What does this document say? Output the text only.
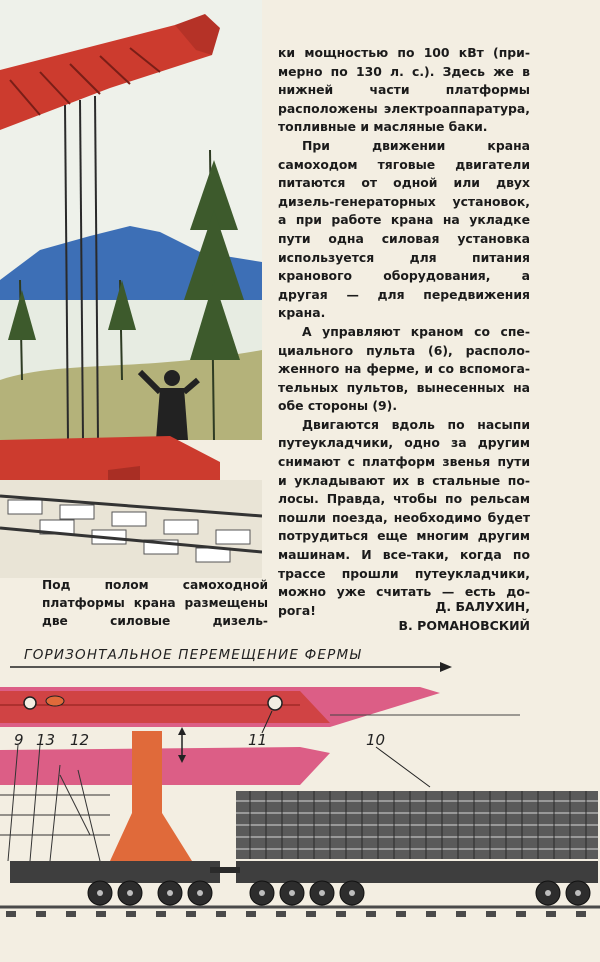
ки мощностью по 100 кВт (примерно по 130 л. с.). Здесь же в нижней части платформы расположены электроаппаратура, топливные и масляные баки.

При движении крана самоходом тяговые двигатели питаются от одной или двух дизель-генераторных установок, а при работе крана на укладке пути одна силовая установка используется для питания кранового оборудования, а другая — для передвижения крана.

А управляют краном со специального пульта (6), расположенного на ферме, и со вспомогательных пультов, вынесенных на обе стороны (9).

Двигаются вдоль по насыпи путеукладчики, одно за другим снимают с платформ звенья пути и укладывают их в стальные полосы. Правда, чтобы по рельсам пошли поезда, необходимо будет потрудиться еще многим другим машинам. И все-таки, когда по трассе прошли путеукладчики, можно уже считать — есть дорога!

Под полом самоходной платформы крана размещены две силовые дизель-

Д. БАЛУХИН,
В. РОМАНОВСКИЙ
ГОРИЗОНТАЛЬНОЕ ПЕРЕМЕЩЕНИЕ ФЕРМЫ
9 13 12	11	10
